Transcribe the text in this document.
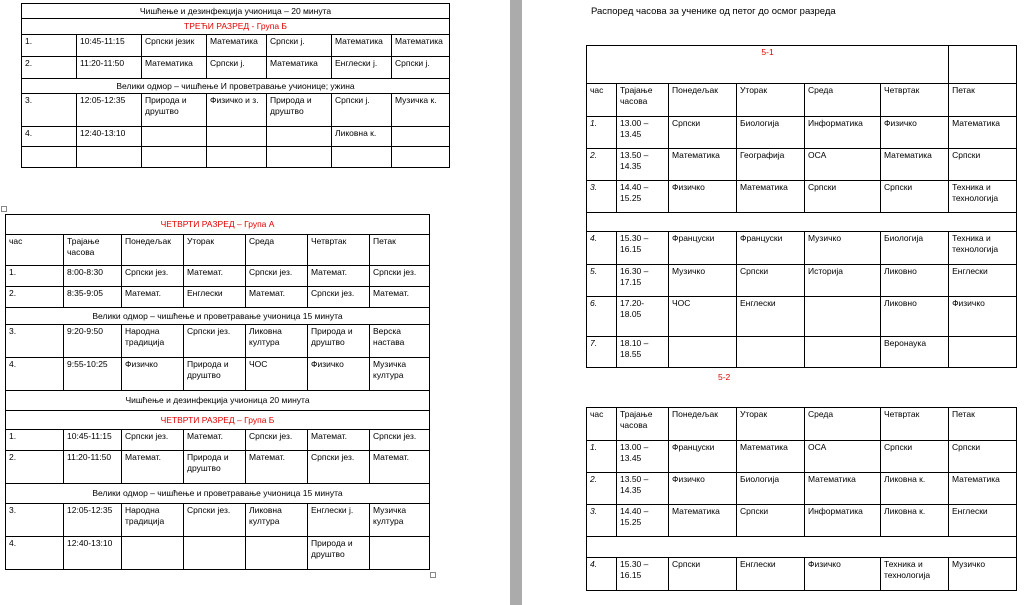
Чишћење и дезинфекција учионица – 20 минута						
ТРЕЋИ РАЗРЕД - Група Б						
1.	10:45-11:15	Српски језик	Математика	Српски ј.	Математика	Математика
2.	11:20-11:50	Математика	Српски ј.	Математика	Енглески ј.	Српски ј.
Велики одмор – чишћење И проветравање учионице; ужина						
3.	12:05-12:35	Природа и друштво	Физичко и з.	Природа и друштво	Српски ј.	Музичка к.
4.	12:40-13:10				Ликовна к.	

ЧЕТВРТИ РАЗРЕД – Група А						
час	Трајање часова	Понедељак	Уторак	Среда	Четвртак	Петак
1.	8:00-8:30	Српски јез.	Математ.	Српски јез.	Математ.	Српски јез.
2.	8:35-9:05	Математ.	Енглески	Математ.	Српски јез.	Математ.
Велики одмор – чишћење и проветравање учионица 15 минута						
3.	9:20-9:50	Народна традиција	Српски јез.	Ликовна култура	Природа и друштво	Верска настава
4.	9:55-10:25	Физичко	Природа и друштво	ЧОС	Физичко	Музичка култура
Чишћење и дезинфекција учионица 20 минута						
ЧЕТВРТИ РАЗРЕД – Група Б						
1.	10:45-11:15	Српски јез.	Математ.	Српски јез.	Математ.	Српски јез.
2.	11:20-11:50	Математ.	Природа и друштво	Математ.	Српски јез.	Математ.
Велики одмор – чишћење и проветравање учионица 15 минута						
3.	12:05-12:35	Народна традиција	Српски јез.	Ликовна култура	Енглески ј.	Музичка култура
4.	12:40-13:10				Природа и друштво	
Распоред часова за ученике од петог до осмог разреда
5-1						
час	Трајање часова	Понедељак	Уторак	Среда	Четвртак	Петак
1.	13.00 – 13.45	Српски	Биологија	Информатика	Физичко	Математика
2.	13.50 – 14.35	Математика	Географија	ОСА	Математика	Српски
3.	14.40 – 15.25	Физичко	Математика	Српски	Српски	Техника и технологија

4.	15.30 – 16.15	Француски	Француски	Музичко	Биологија	Техника и технологија
5.	16.30 – 17.15	Музичко	Српски	Историја	Ликовно	Енглески
6.	17.20- 18.05	ЧОС	Енглески		Ликовно	Физичко
7.	18.10 – 18.55				Веронаука	
5-2
час	Трајање часова	Понедељак	Уторак	Среда	Четвртак	Петак
1.	13.00 – 13.45	Француски	Математика	ОСА	Српски	Српски
2.	13.50 – 14.35	Физичко	Биологија	Математика	Ликовна к.	Математика
3.	14.40 – 15.25	Математика	Српски	Информатика	Ликовна к.	Енглески

4.	15.30 – 16.15	Српски	Енглески	Физичко	Техника и технологија	Музичко
